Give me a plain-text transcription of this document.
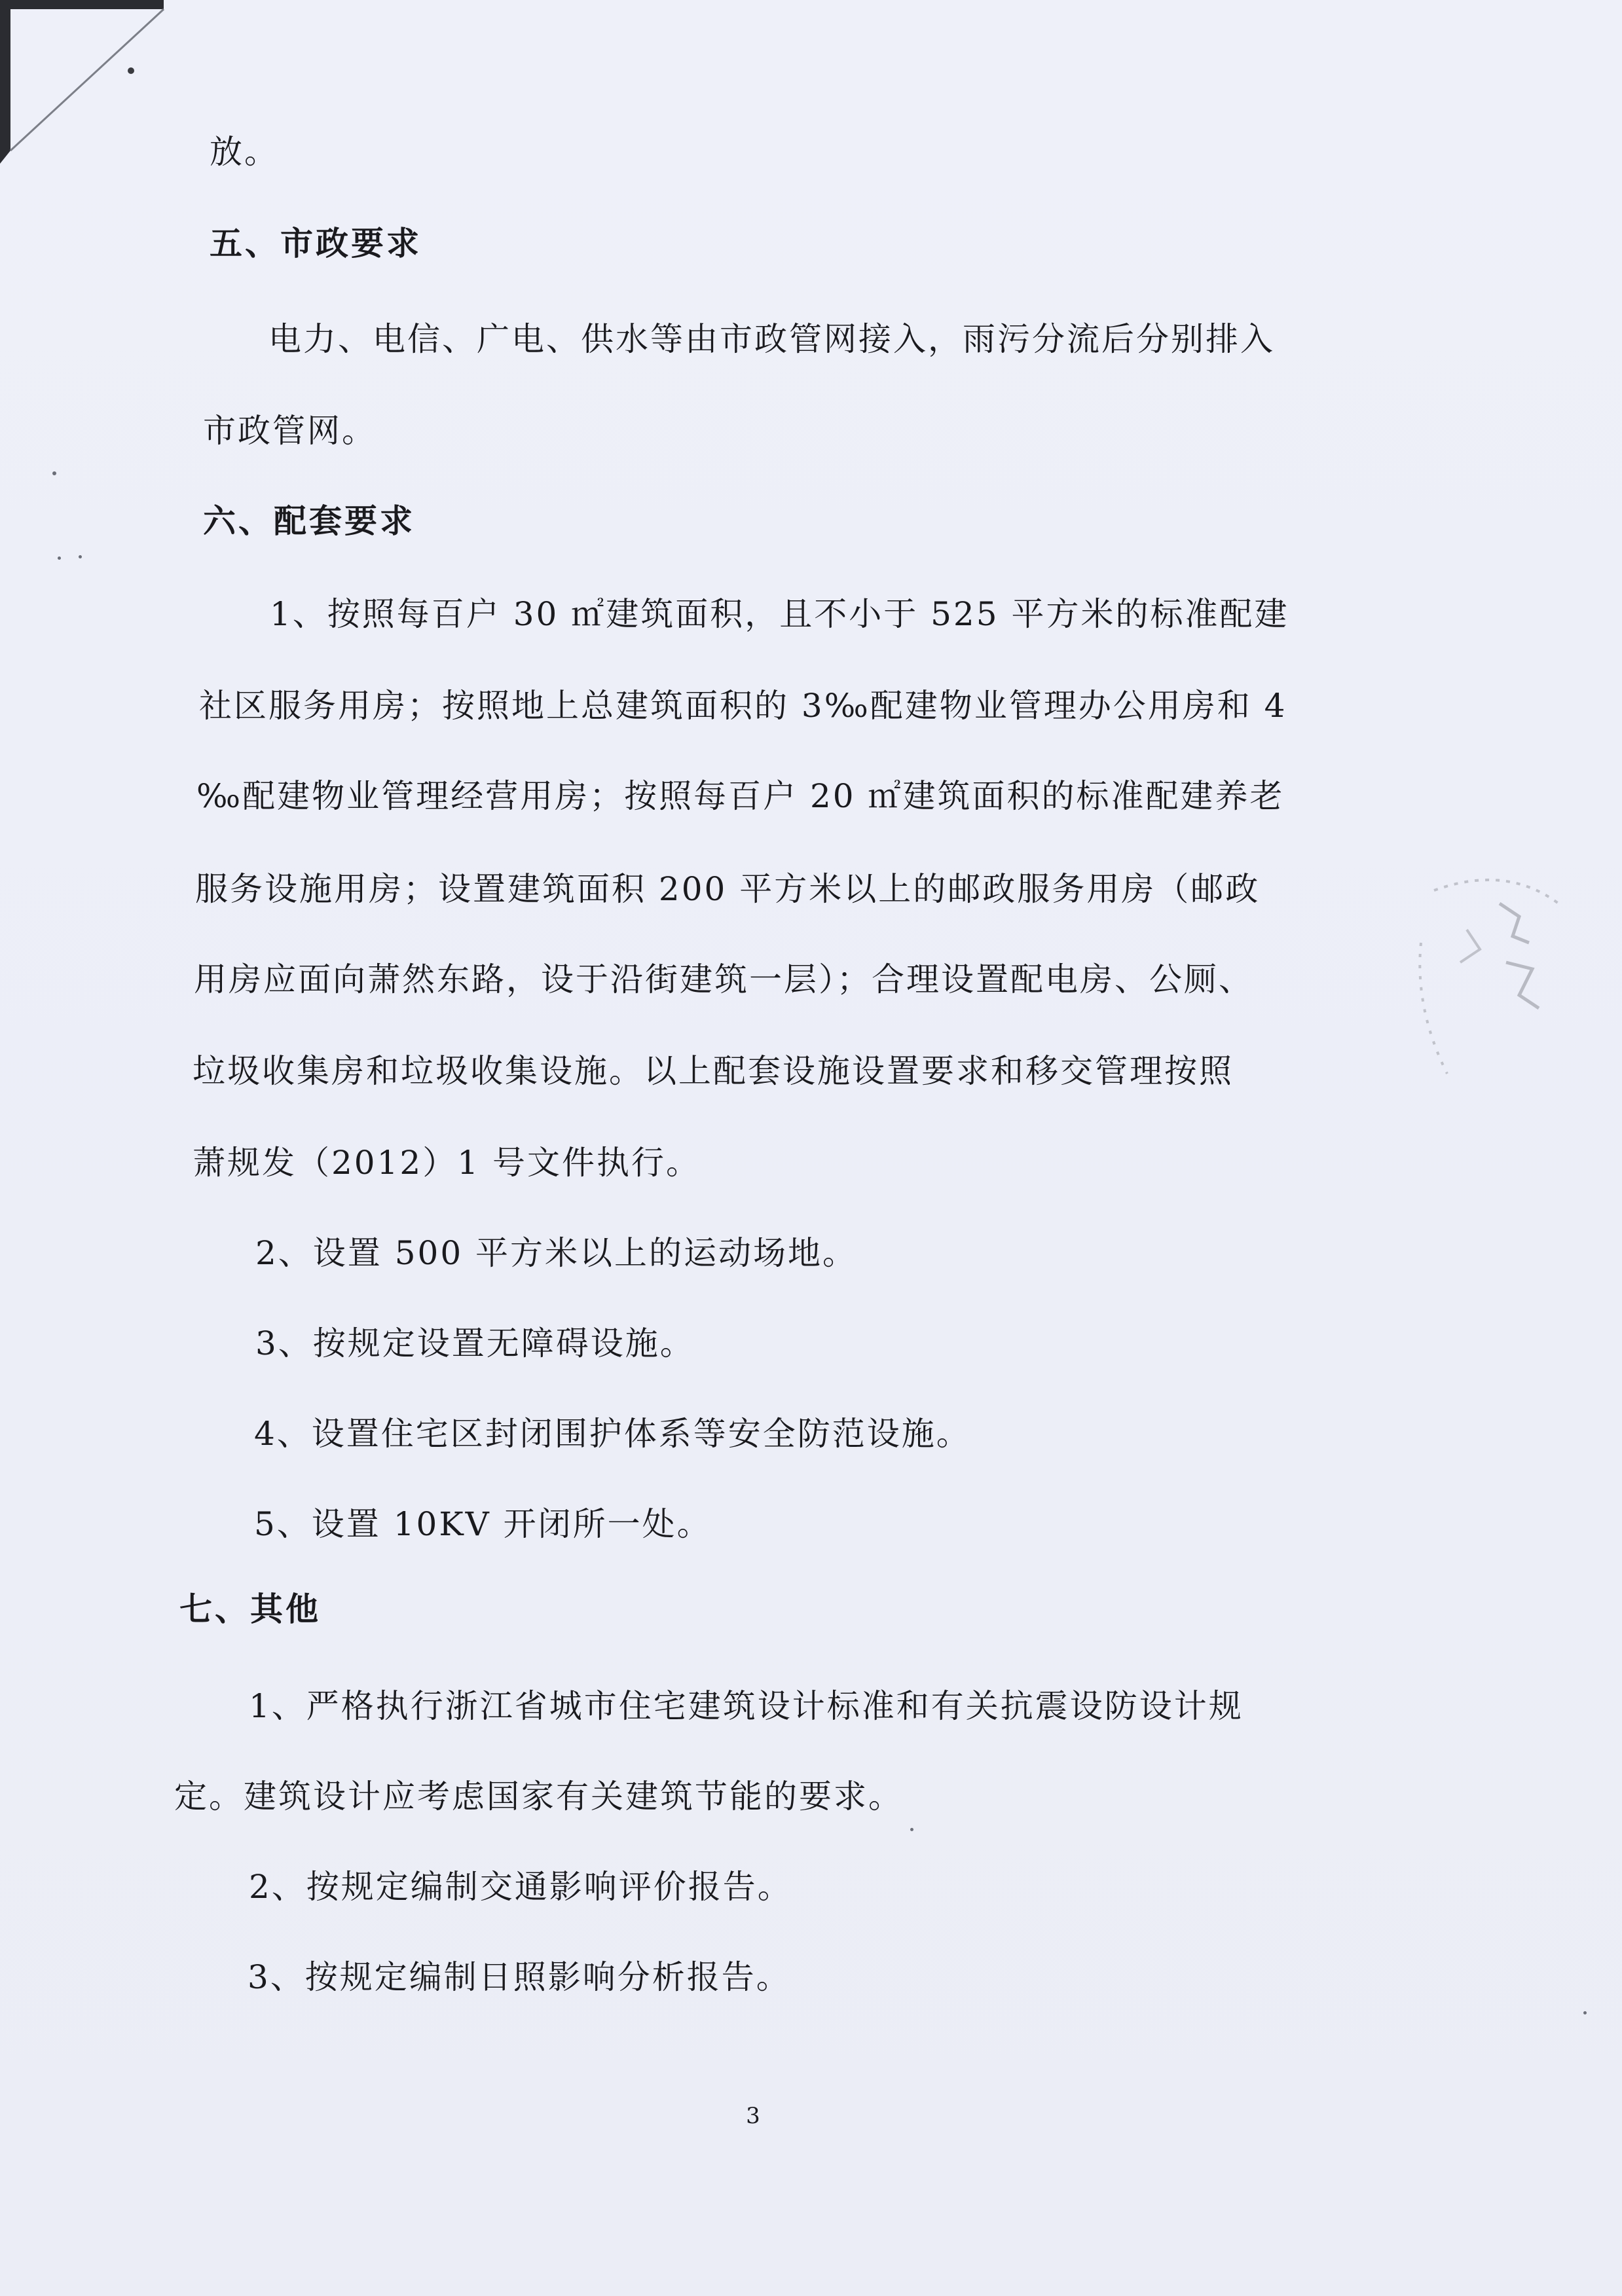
放。
五、市政要求
电力、电信、广电、供水等由市政管网接入，雨污分流后分别排入
市政管网。
六、配套要求
1、按照每百户 30 ㎡建筑面积，且不小于 525 平方米的标准配建
社区服务用房；按照地上总建筑面积的 3‰配建物业管理办公用房和 4
‰配建物业管理经营用房；按照每百户 20 ㎡建筑面积的标准配建养老
服务设施用房；设置建筑面积 200 平方米以上的邮政服务用房（邮政
用房应面向萧然东路，设于沿街建筑一层）；合理设置配电房、公厕、
垃圾收集房和垃圾收集设施。以上配套设施设置要求和移交管理按照
萧规发（2012）1 号文件执行。
2、设置 500 平方米以上的运动场地。
3、按规定设置无障碍设施。
4、设置住宅区封闭围护体系等安全防范设施。
5、设置 10KV 开闭所一处。
七、其他
1、严格执行浙江省城市住宅建筑设计标准和有关抗震设防设计规
定。建筑设计应考虑国家有关建筑节能的要求。
2、按规定编制交通影响评价报告。
3、按规定编制日照影响分析报告。
3
